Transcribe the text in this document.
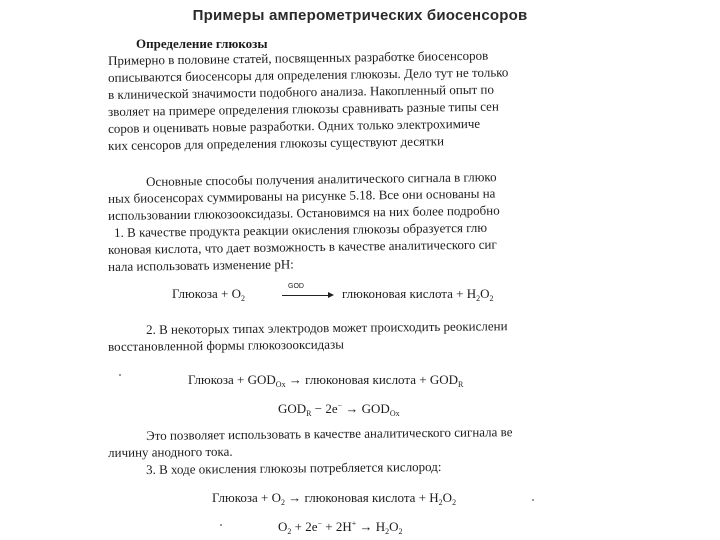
Примеры амперометрических биосенсоров
Определение глюкозы
Примерно в половине статей, посвященных разработке биосенсоров
описываются биосенсоры для определения глюкозы. Дело тут не только
в клинической значимости подобного анализа. Накопленный опыт по
зволяет на примере определения глюкозы сравнивать разные типы сен
соров и оценивать новые разработки. Одних только электрохимиче
ких сенсоров для определения глюкозы существуют десятки
Основные способы получения аналитического сигнала в глюко
ных биосенсорах суммированы на рисунке 5.18. Все они основаны на
использовании глюкозооксидазы. Остановимся на них более подробно
1. В качестве продукта реакции окисления глюкозы образуется глю
коновая кислота, что дает возможность в качестве аналитического сиг
нала использовать изменение pH:
Глюкоза + $O_2$
GOD	глюконовая кислота + $H_2O_2$
2. В некоторых типах электродов может происходить реокислени
восстановленной формы глюкозооксидазы
Глюкоза + $GOD_{Ox}$ → глюконовая кислота + $GOD_R$
$GOD_R - 2e^- \to GOD_{Ox}$
Это позволяет использовать в качестве аналитического сигнала ве
личину анодного тока.
3. В ходе окисления глюкозы потребляется кислород:
Глюкоза + $O_2$ → глюконовая кислота + $H_2O_2$
$O_2 + 2e^- + 2H^+ \to H_2O_2$
